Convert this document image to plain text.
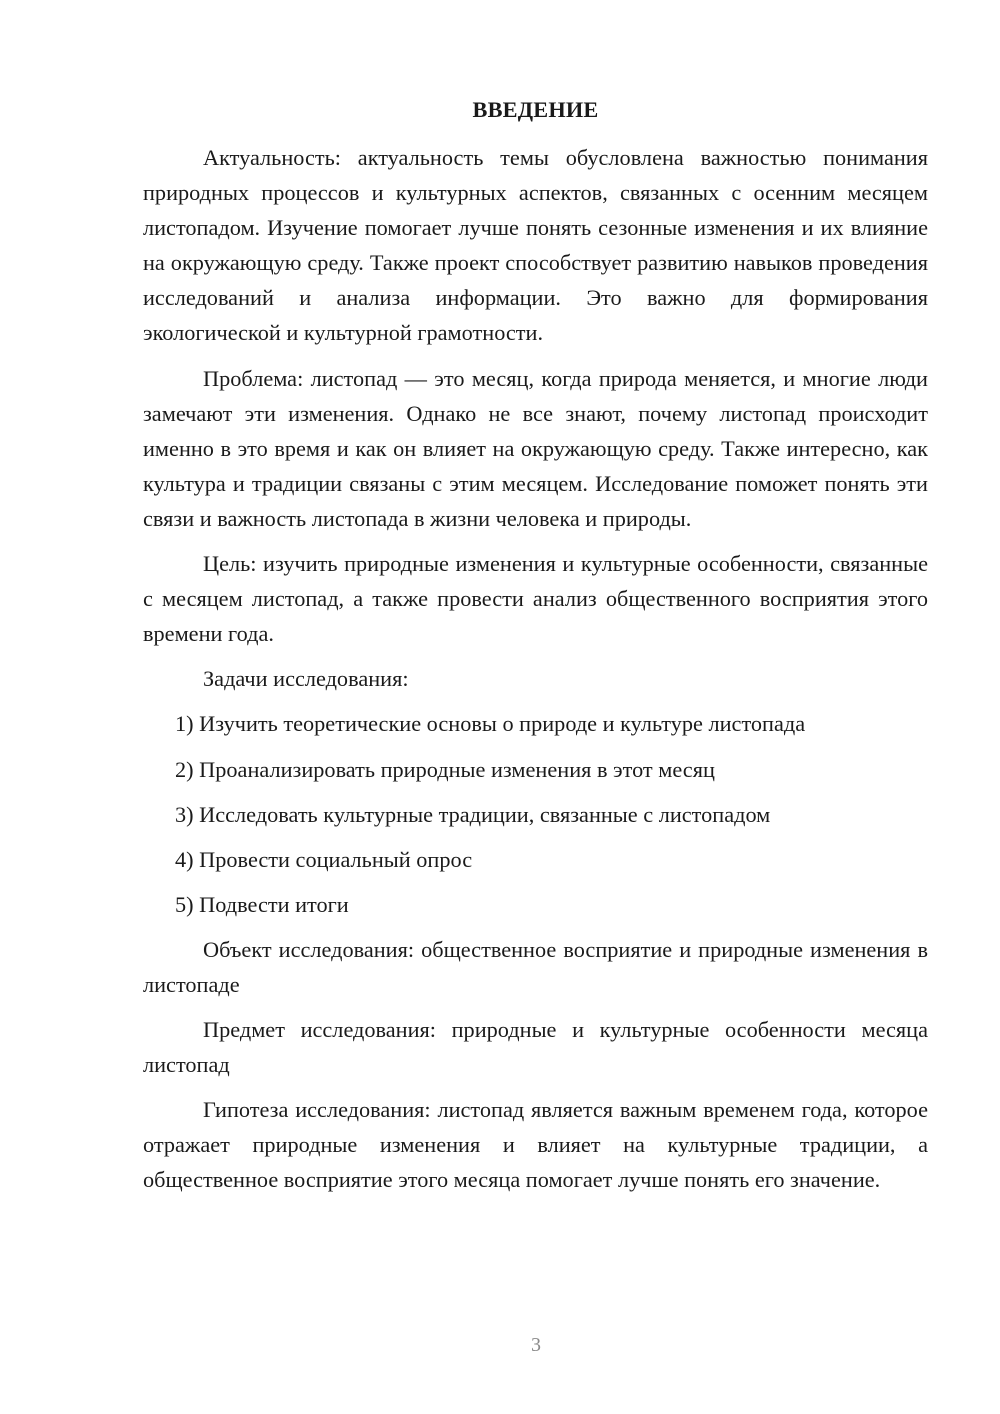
ВВЕДЕНИЕ

Актуальность: актуальность темы обусловлена важностью понимания природных процессов и культурных аспектов, связанных с осенним месяцем листопадом. Изучение помогает лучше понять сезонные изменения и их влияние на окружающую среду. Также проект способствует развитию навыков проведения исследований и анализа информации. Это важно для формирования экологической и культурной грамотности.

Проблема: листопад — это месяц, когда природа меняется, и многие люди замечают эти изменения. Однако не все знают, почему листопад происходит именно в это время и как он влияет на окружающую среду. Также интересно, как культура и традиции связаны с этим месяцем. Исследование поможет понять эти связи и важность листопада в жизни человека и природы.

Цель: изучить природные изменения и культурные особенности, связанные с месяцем листопад, а также провести анализ общественного восприятия этого времени года.

Задачи исследования:

1) Изучить теоретические основы о природе и культуре листопада

2) Проанализировать природные изменения в этот месяц

3) Исследовать культурные традиции, связанные с листопадом

4) Провести социальный опрос

5) Подвести итоги

Объект исследования: общественное восприятие и природные изменения в листопаде

Предмет исследования: природные и культурные особенности месяца листопад

Гипотеза исследования: листопад является важным временем года, которое отражает природные изменения и влияет на культурные традиции, а общественное восприятие этого месяца помогает лучше понять его значение.

3
